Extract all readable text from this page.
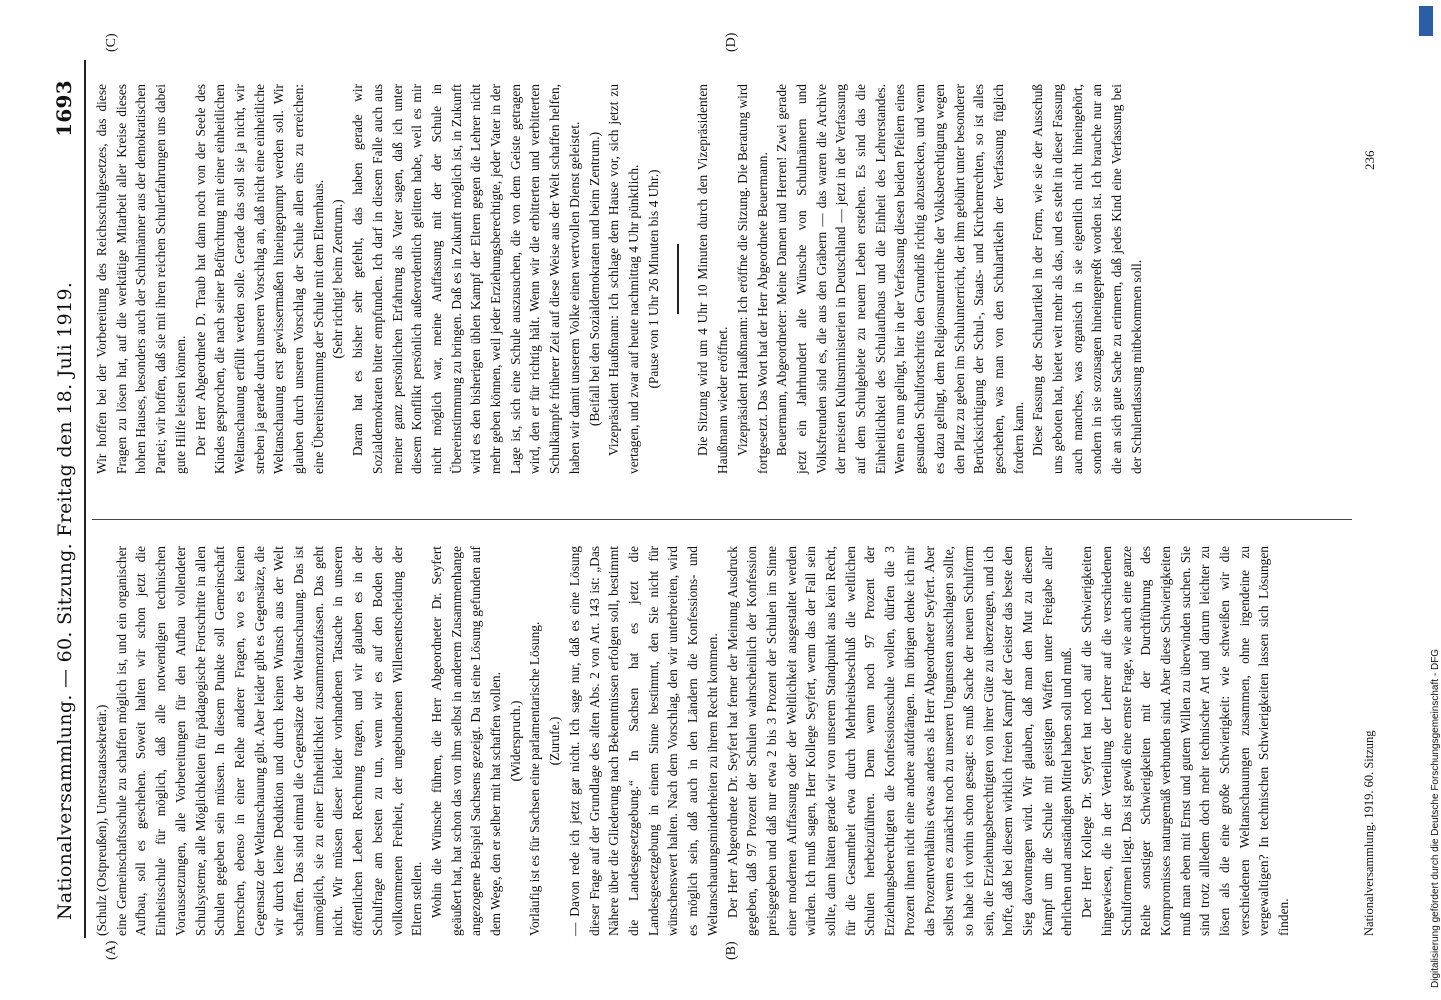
Nationalversammlung. — 60. Sitzung. Freitag den 18. Juli 1919.
1693
(A)	(B)
(C)	(D)

(Schulz (Ostpreußen), Unterstaatssekretär.) eine Gemeinschaftsschule zu schaffen möglich ist, und ein organischer Aufbau, soll es geschehen. Soweit halten wir schon jetzt die Einheitsschule für möglich, daß alle notwendigen technischen Voraussetzungen, alle Vorbereitungen für den Aufbau vollendeter Schulsysteme, alle Möglichkeiten für pädagogische Fortschritte in allen Schulen gegeben sein müssen. In diesem Punkte soll Gemeinschaft herrschen, ebenso in einer Reihe anderer Fragen, wo es keinen Gegensatz der Weltanschauung gibt. Aber leider gibt es Gegensätze, die wir durch keine Deduktion und durch keinen Wunsch aus der Welt schaffen. Das sind einmal die Gegensätze der Weltanschauung. Das ist unmöglich, sie zu einer Einheitlichkeit zusammenzufassen. Das geht nicht. Wir müssen dieser leider vorhandenen Tatsache in unseren öffentlichen Leben Rechnung tragen, und wir glauben es in der Schulfrage am besten zu tun, wenn wir es auf den Boden der vollkommenen Freiheit, der ungebundenen Willensentscheidung der Eltern stellen. Wohin die Wünsche führen, die Herr Abgeordneter Dr. Seyfert geäußert hat, hat schon das von ihm selbst in anderem Zusammenhange angezogene Beispiel Sachsens gezeigt. Da ist eine Lösung gefunden auf dem Wege, den er selber mit hat schaffen wollen. (Widerspruch.) Vorläufig ist es für Sachsen eine parlamentarische Lösung. (Zurufe.) — Davon rede ich jetzt gar nicht. Ich sage nur, daß es eine Lösung dieser Frage auf der Grundlage des alten Abs. 2 von Art. 143 ist: „Das Nähere über die Gliederung nach Bekenntnissen erfolgen soll, bestimmt die Landesgesetzgebung.“ In Sachsen hat es jetzt die Landesgesetzgebung in einem Sinne bestimmt, den Sie nicht für wünschenswert halten. Nach dem Vorschlag, den wir unterbreiten, wird es möglich sein, daß auch in den Ländern die Konfessions- und Weltanschauungsminderheiten zu ihrem Recht kommen. Der Herr Abgeordnete Dr. Seyfert hat ferner der Meinung Ausdruck gegeben, daß 97 Prozent der Schulen wahrscheinlich der Konfession preisgegeben und daß nur etwa 2 bis 3 Prozent der Schulen im Sinne einer modernen Auffassung oder der Weltlichkeit ausgestaltet werden würden. Ich muß sagen, Herr Kollege Seyfert, wenn das der Fall sein sollte, dann hätten gerade wir von unserem Standpunkt aus kein Recht, für die Gesamtheit etwa durch Mehrheitsbeschluß die weltlichen Schulen herbeizuführen. Denn wenn noch 97 Prozent der Erziehungsberechtigten die Konfessionsschule wollen, dürfen die 3 Prozent ihnen nicht eine andere aufdrängen. Im übrigen denke ich mir das Prozentverhältnis etwas anders als Herr Abgeordneter Seyfert. Aber selbst wenn es zunächst noch zu unseren Ungunsten ausschlagen sollte, so habe ich vorhin schon gesagt: es muß Sache der neuen Schulform sein, die Erziehungsberechtigten von ihrer Güte zu überzeugen, und ich hoffe, daß bei diesem wirklich freien Kampf der Geister das beste den Sieg davontragen wird. Wir glauben, daß man den Mut zu diesem Kampf um die Schule mit geistigen Waffen unter Freigabe aller ehrlichen und anständigen Mittel haben soll und muß. Der Herr Kollege Dr. Seyfert hat noch auf die Schwierigkeiten hingewiesen, die in der Verteilung der Lehrer auf die verschiedenen Schulformen liegt. Das ist gewiß eine ernste Frage, wie auch eine ganze Reihe sonstiger Schwierigkeiten mit der Durchführung des Kompromisses naturgemäß verbunden sind. Aber diese Schwierigkeiten muß man eben mit Ernst und gutem Willen zu überwinden suchen. Sie sind trotz allledem doch mehr technischer Art und darum leichter zu lösen als die eine große Schwierigkeit: wie schweißen wir die verschiedenen Weltanschauungen zusammen, ohne irgendeine zu vergewaltigen? In technischen Schwierigkeiten lassen sich Lösungen finden.

Wir hoffen bei der Vorbereitung des Reichsschulgesetzes, das diese Fragen zu lösen hat, auf die werktätige Mitarbeit aller Kreise dieses hohen Hauses, besonders auch der Schulmänner aus der demokratischen Partei; wir hoffen, daß sie mit ihren reichen Schulerfahrungen uns dabei gute Hilfe leisten können. Der Herr Abgeordnete D. Traub hat dann noch von der Seele des Kindes gesprochen, die nach seiner Befürchtung mit einer einheitlichen Weltanschauung erfüllt werden solle. Gerade das soll sie ja nicht, wir streben ja gerade durch unseren Vorschlag an, daß nicht eine einheitliche Weltanschauung erst gewissermaßen hineingepumpt werden soll. Wir glauben durch unseren Vorschlag der Schule allen eins zu erreichen: eine Übereinstimmung der Schule mit dem Elternhaus. (Sehr richtig! beim Zentrum.) Daran hat es bisher sehr gefehlt, das haben gerade wir Sozialdemokraten bitter empfunden. Ich darf in diesem Falle auch aus meiner ganz persönlichen Erfahrung als Vater sagen, daß ich unter diesem Konflikt persönlich außerordentlich gelitten habe, weil es mir nicht möglich war, meine Auffassung mit der der Schule in Übereinstimmung zu bringen. Daß es in Zukunft möglich ist, in Zukunft wird es den bisherigen üblen Kampf der Eltern gegen die Lehrer nicht mehr geben können, weil jeder Erziehungsberechtigte, jeder Vater in der Lage ist, sich eine Schule auszusuchen, die von dem Geiste getragen wird, den er für richtig hält. Wenn wir die erbitterten und verbitterten Schulkämpfe früherer Zeit auf diese Weise aus der Welt schaffen helfen, haben wir damit unserem Volke einen wertvollen Dienst geleistet. (Beifall bei den Sozialdemokraten und beim Zentrum.) Vizepräsident Haußmann: Ich schlage dem Hause vor, sich jetzt zu vertagen, und zwar auf heute nachmittag 4 Uhr pünktlich. (Pause von 1 Uhr 26 Minuten bis 4 Uhr.)	Die Sitzung wird um 4 Uhr 10 Minuten durch den Vizepräsidenten Haußmann wieder eröffnet. Vizepräsident Haußmann: Ich eröffne die Sitzung. Die Beratung wird fortgesetzt. Das Wort hat der Herr Abgeordnete Beuermann. Beuermann, Abgeordneter: Meine Damen und Herren! Zwei gerade jetzt ein Jahrhundert alte Wünsche von Schulmännern und Volksfreunden sind es, die aus den Gräbern — das waren die Archive der meisten Kultusministerien in Deutschland — jetzt in der Verfassung auf dem Schulgebiete zu neuem Leben erstehen. Es sind das die Einheitlichkeit des Schulaufbaus und die Einheit des Lehrerstandes. Wenn es nun gelingt, hier in der Verfassung diesen beiden Pfeilern eines gesunden Schulfortschritts den Grundriß richtig abzustecken, und wenn es dazu gelingt, dem Religionsunterrichte der Volksberechtigung wegen den Platz zu geben im Schulunterricht, der ihm gebührt unter besonderer Berücksichtigung der Schul-, Staats- und Kirchenrechten, so ist alles geschehen, was man von den Schulartikeln der Verfassung füglich fordern kann. Diese Fassung der Schulartikel in der Form, wie sie der Ausschuß uns geboten hat, bietet weit mehr als das, und es steht in dieser Fassung auch manches, was organisch in sie eigentlich nicht hineingehört, sondern in sie sozusagen hineingepreßt worden ist. Ich brauche nur an die an sich gute Sache zu erinnern, daß jedes Kind eine Verfassung bei der Schulentlassung mitbekommen soll.

Nationalversammlung. 1919. 60. Sitzung
236
Digitalisierung gefördert durch die Deutsche Forschungsgemeinschaft - DFG
